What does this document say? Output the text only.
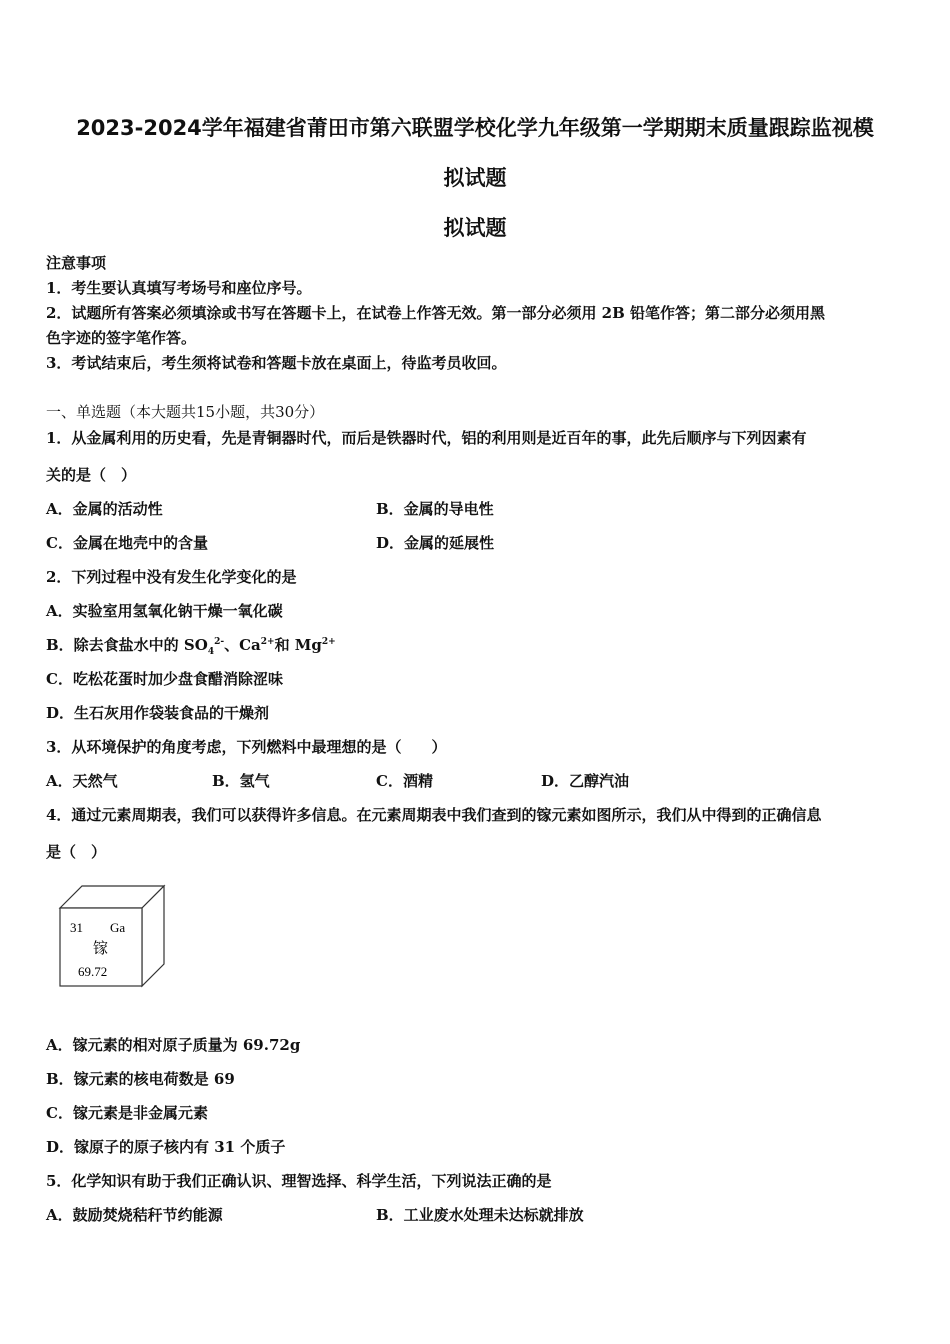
2023-2024学年福建省莆田市第六联盟学校化学九年级第一学期期末质量跟踪监视模
拟试题
拟试题
注意事项
1．考生要认真填写考场号和座位序号。
2．试题所有答案必须填涂或书写在答题卡上，在试卷上作答无效。第一部分必须用 2B 铅笔作答；第二部分必须用黑
色字迹的签字笔作答。
3．考试结束后，考生须将试卷和答题卡放在桌面上，待监考员收回。
一、单选题（本大题共15小题，共30分）
1．从金属利用的历史看，先是青铜器时代，而后是铁器时代，铝的利用则是近百年的事，此先后顺序与下列因素有
关的是（　）
A．金属的活动性	B．金属的导电性
C．金属在地壳中的含量	D．金属的延展性
2．下列过程中没有发生化学变化的是
A．实验室用氢氧化钠干燥一氧化碳
B．除去食盐水中的 $SO_4^{2-}$、$Ca^{2+}$和 $Mg^{2+}$
C．吃松花蛋时加少盘食醋消除涩味
D．生石灰用作袋装食品的干燥剂
3．从环境保护的角度考虑，下列燃料中最理想的是（　　）
A．天然气	B．氢气	C．酒精	D．乙醇汽油
4．通过元素周期表，我们可以获得许多信息。在元素周期表中我们查到的镓元素如图所示，我们从中得到的正确信息
是（　）
31 Ga
镓
69.72
A．镓元素的相对原子质量为 69.72g
B．镓元素的核电荷数是 69
C．镓元素是非金属元素
D．镓原子的原子核内有 31 个质子
5．化学知识有助于我们正确认识、理智选择、科学生活，下列说法正确的是
A．鼓励焚烧秸秆节约能源	B．工业废水处理未达标就排放
